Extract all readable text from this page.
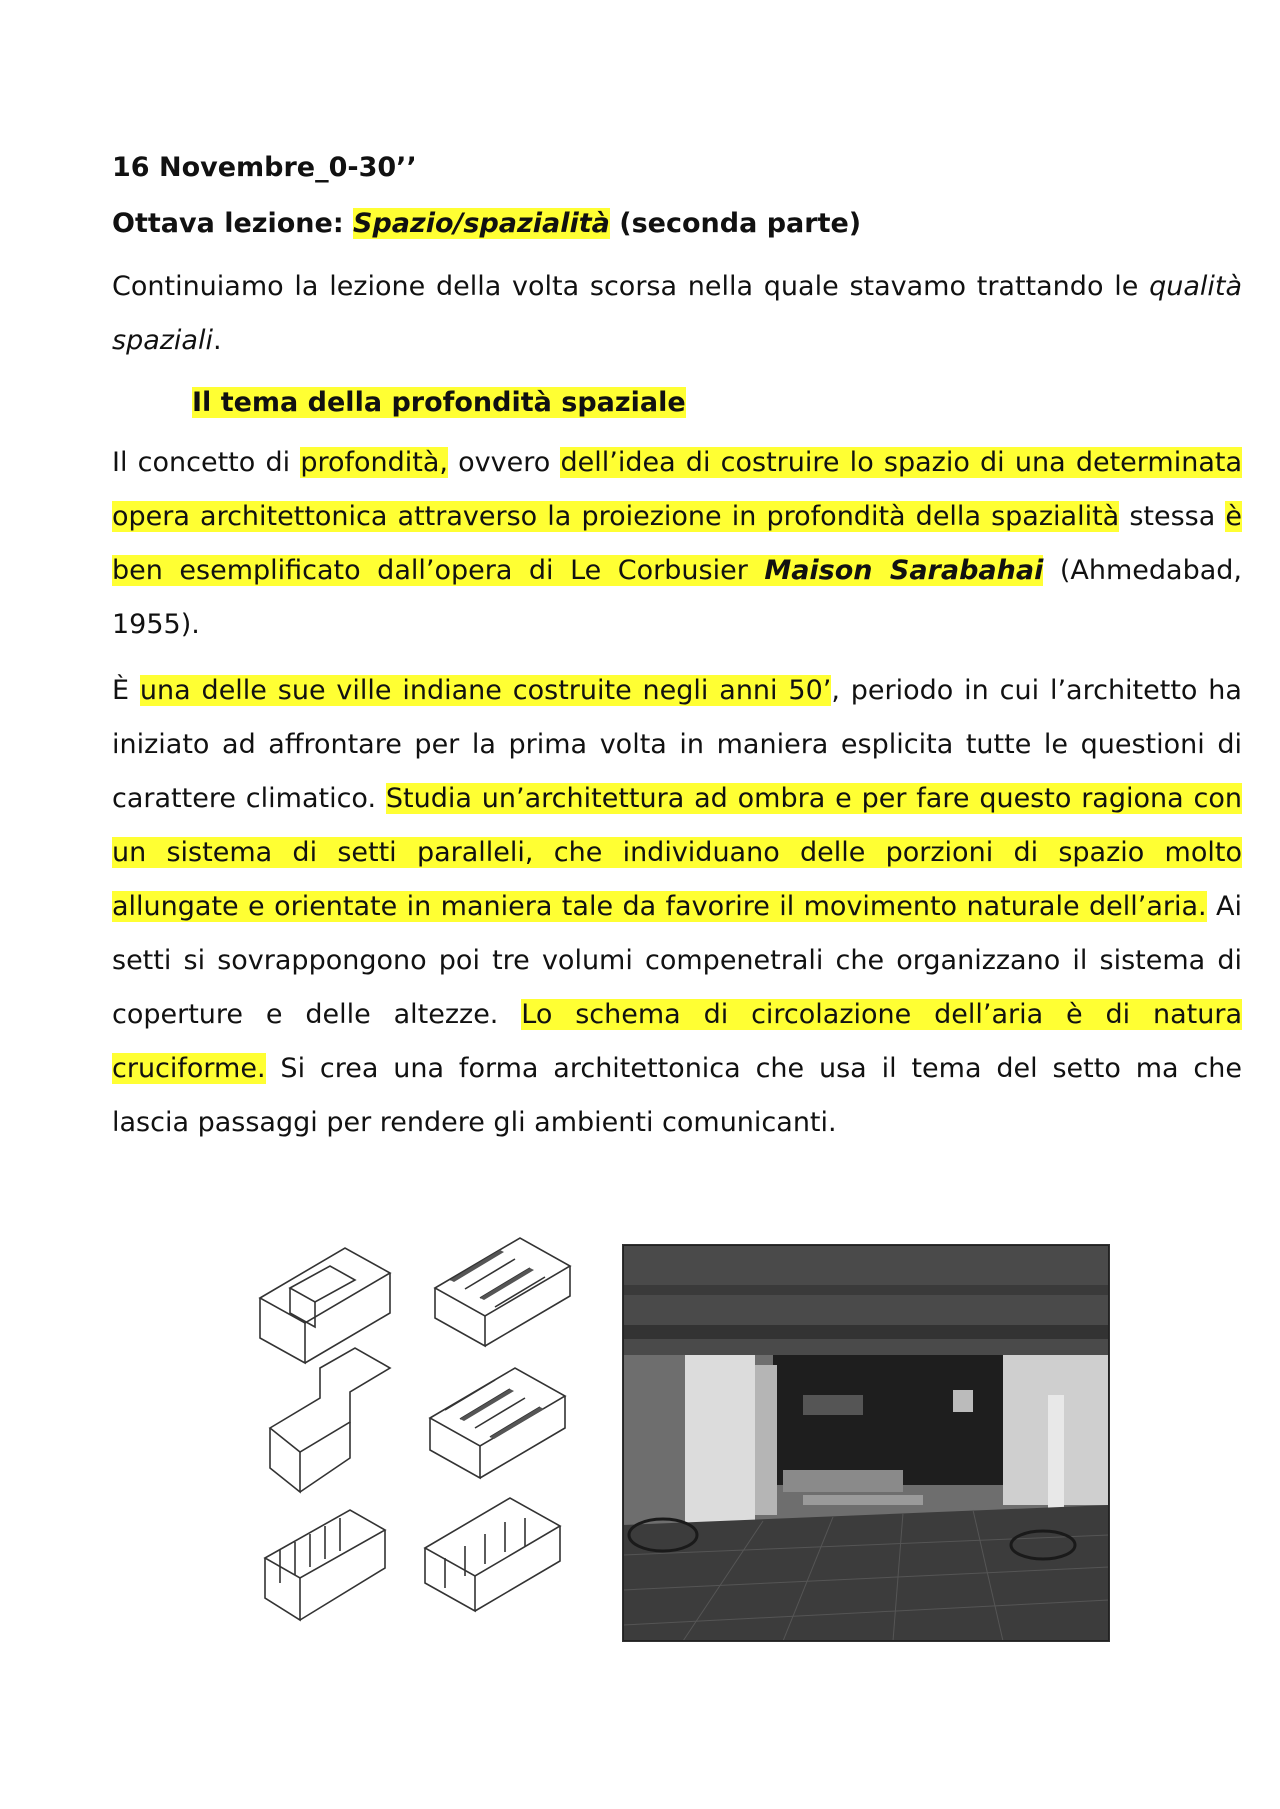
16 Novembre_0-30’’
Ottava lezione: Spazio/spazialità (seconda parte)
Continuiamo la lezione della volta scorsa nella quale stavamo trattando le qualità spaziali.
Il tema della profondità spaziale
Il concetto di profondità, ovvero dell’idea di costruire lo spazio di una determinata opera architettonica attraverso la proiezione in profondità della spazialità stessa è ben esemplificato dall’opera di Le Corbusier Maison Sarabahai (Ahmedabad, 1955).
È una delle sue ville indiane costruite negli anni 50’, periodo in cui l’architetto ha iniziato ad affrontare per la prima volta in maniera esplicita tutte le questioni di carattere climatico. Studia un’architettura ad ombra e per fare questo ragiona con un sistema di setti paralleli, che individuano delle porzioni di spazio molto allungate e orientate in maniera tale da favorire il movimento naturale dell’aria. Ai setti si sovrappongono poi tre volumi compenetrali che organizzano il sistema di coperture e delle altezze. Lo schema di circolazione dell’aria è di natura cruciforme. Si crea una forma architettonica che usa il tema del setto ma che lascia passaggi per rendere gli ambienti comunicanti.
